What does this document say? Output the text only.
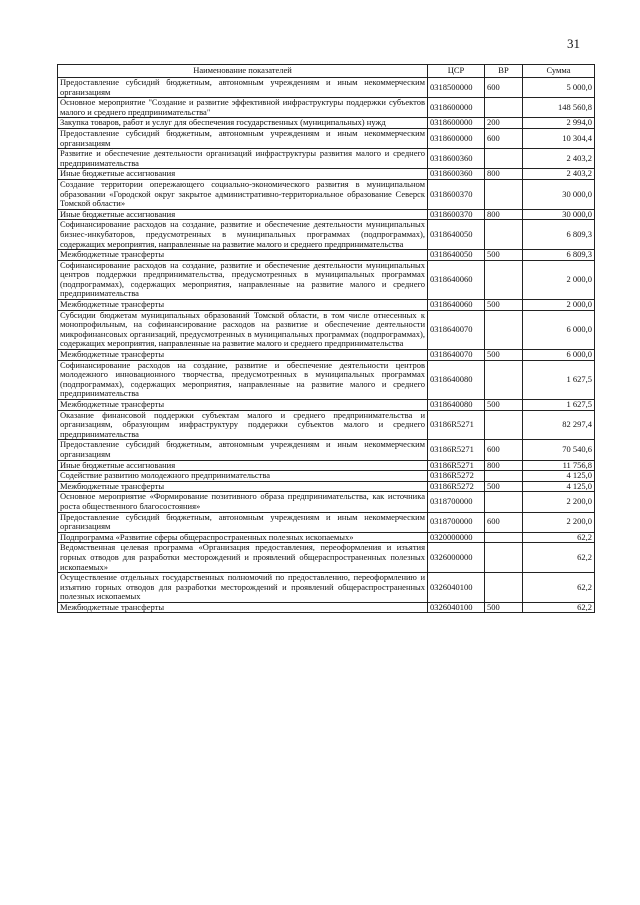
31
Наименование показателей	ЦСР	ВР	Сумма
Предоставление субсидий бюджетным, автономным учреждениям и иным некоммерческим организациям	0318500000	600	5 000,0
Основное мероприятие "Создание и развитие эффективной инфраструктуры поддержки субъектов малого и среднего предпринимательства"	0318600000		148 560,8
Закупка товаров, работ и услуг для обеспечения государственных (муниципальных) нужд	0318600000	200	2 994,0
Предоставление субсидий бюджетным, автономным учреждениям и иным некоммерческим организациям	0318600000	600	10 304,4
Развитие и обеспечение деятельности организаций инфраструктуры развития малого и среднего предпринимательства	0318600360		2 403,2
Иные бюджетные ассигнования	0318600360	800	2 403,2
Создание территории опережающего социально-экономического развития в муниципальном образовании «Городской округ закрытое административно-территориальное образование Северск Томской области»	0318600370		30 000,0
Иные бюджетные ассигнования	0318600370	800	30 000,0
Софинансирование расходов на создание, развитие и обеспечение деятельности муниципальных бизнес-инкубаторов, предусмотренных в муниципальных программах (подпрограммах), содержащих мероприятия, направленные на развитие малого и среднего предпринимательства	0318640050		6 809,3
Межбюджетные трансферты	0318640050	500	6 809,3
Софинансирование расходов на создание, развитие и обеспечение деятельности муниципальных центров поддержки предпринимательства, предусмотренных в муниципальных программах (подпрограммах), содержащих мероприятия, направленные на развитие малого и среднего предпринимательства	0318640060		2 000,0
Межбюджетные трансферты	0318640060	500	2 000,0
Субсидии бюджетам муниципальных образований Томской области, в том числе отнесенных к монопрофильным, на софинансирование расходов на развитие и обеспечение деятельности микрофинансовых организаций, предусмотренных в муниципальных программах (подпрограммах), содержащих мероприятия, направленные на развитие малого и среднего предпринимательства	0318640070		6 000,0
Межбюджетные трансферты	0318640070	500	6 000,0
Софинансирование расходов на создание, развитие и обеспечение деятельности центров молодежного инновационного творчества, предусмотренных в муниципальных программах (подпрограммах), содержащих мероприятия, направленные на развитие малого и среднего предпринимательства	0318640080		1 627,5
Межбюджетные трансферты	0318640080	500	1 627,5
Оказание финансовой поддержки субъектам малого и среднего предпринимательства и организациям, образующим инфраструктуру поддержки субъектов малого и среднего предпринимательства	03186R5271		82 297,4
Предоставление субсидий бюджетным, автономным учреждениям и иным некоммерческим организациям	03186R5271	600	70 540,6
Иные бюджетные ассигнования	03186R5271	800	11 756,8
Содействие развитию молодежного предпринимательства	03186R5272		4 125,0
Межбюджетные трансферты	03186R5272	500	4 125,0
Основное мероприятие «Формирование позитивного образа предпринимательства, как источника роста общественного благосостояния»	0318700000		2 200,0
Предоставление субсидий бюджетным, автономным учреждениям и иным некоммерческим организациям	0318700000	600	2 200,0
Подпрограмма «Развитие сферы общераспространенных полезных ископаемых»	0320000000		62,2
Ведомственная целевая программа «Организация предоставления, переоформления и изъятия горных отводов для разработки месторождений и проявлений общераспространенных полезных ископаемых»	0326000000		62,2
Осуществление отдельных государственных полномочий по предоставлению, переоформлению и изъятию горных отводов для разработки месторождений и проявлений общераспространенных полезных ископаемых	0326040100		62,2
Межбюджетные трансферты	0326040100	500	62,2
